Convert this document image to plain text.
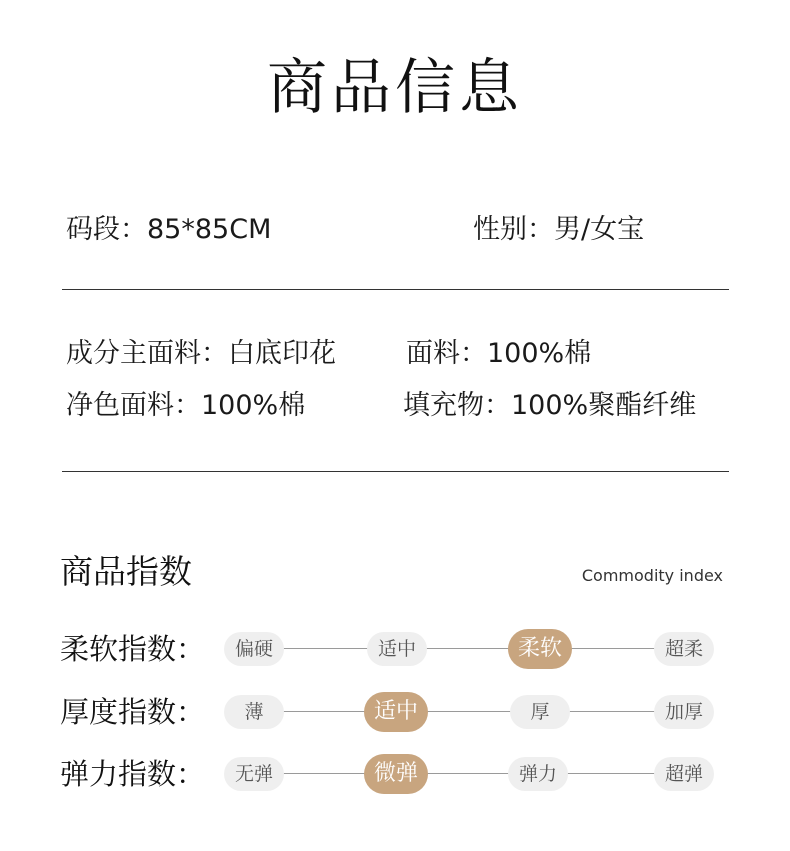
商品信息
码段：85*85CM	性别：男/女宝
成分主面料：白底印花	面料：100%棉
净色面料：100%棉	填充物：100%聚酯纤维
商品指数	Commodity index
柔软指数：	偏硬	适中	柔软	超柔
厚度指数：	薄	适中	厚	加厚
弹力指数：	无弹	微弹	弹力	超弹
